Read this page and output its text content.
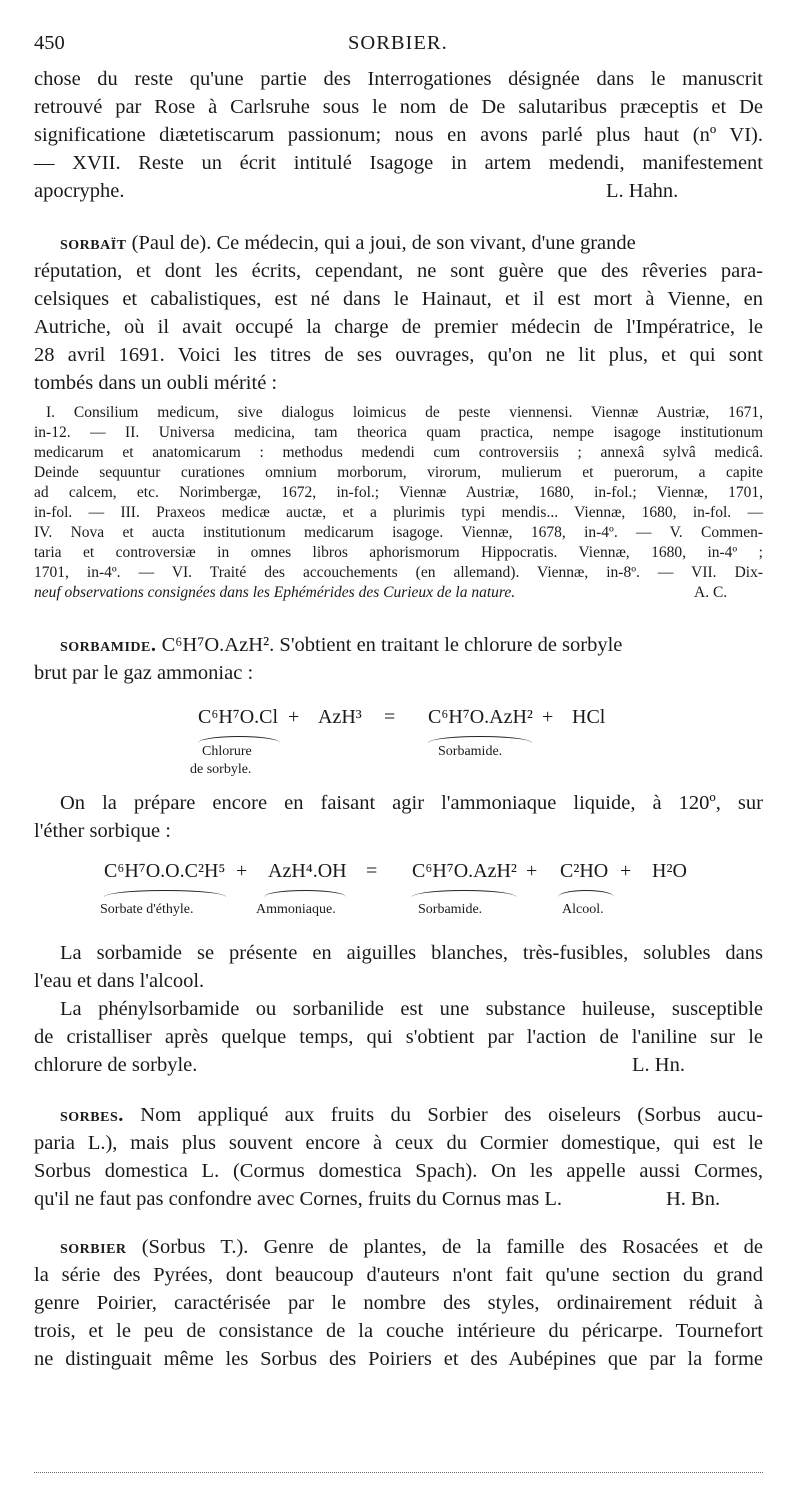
450	SORBIER.
chose du reste qu'une partie des Interrogationes désignée dans le manuscrit
retrouvé par Rose à Carlsruhe sous le nom de De salutaribus præceptis et De
significatione diætetiscarum passionum; nous en avons parlé plus haut (nº VI).
— XVII. Reste un écrit intitulé Isagoge in artem medendi, manifestement
apocryphe.	L. Hahn.
sorbaït (Paul de). Ce médecin, qui a joui, de son vivant, d'une grande
réputation, et dont les écrits, cependant, ne sont guère que des rêveries para-
celsiques et cabalistiques, est né dans le Hainaut, et il est mort à Vienne, en
Autriche, où il avait occupé la charge de premier médecin de l'Impératrice, le
28 avril 1691. Voici les titres de ses ouvrages, qu'on ne lit plus, et qui sont
tombés dans un oubli mérité :
I. Consilium medicum, sive dialogus loimicus de peste viennensi. Viennæ Austriæ, 1671,
in-12. — II. Universa medicina, tam theorica quam practica, nempe isagoge institutionum
medicarum et anatomicarum : methodus medendi cum controversiis ; annexâ sylvâ medicâ.
Deinde sequuntur curationes omnium morborum, virorum, mulierum et puerorum, a capite
ad calcem, etc. Norimbergæ, 1672, in-fol.; Viennæ Austriæ, 1680, in-fol.; Viennæ, 1701,
in-fol. — III. Praxeos medicæ auctæ, et a plurimis typi mendis... Viennæ, 1680, in-fol. —
IV. Nova et aucta institutionum medicarum isagoge. Viennæ, 1678, in-4º. — V. Commen-
taria et controversiæ in omnes libros aphorismorum Hippocratis. Viennæ, 1680, in-4º ;
1701, in-4º. — VI. Traité des accouchements (en allemand). Viennæ, in-8º. — VII. Dix-
neuf observations consignées dans les Ephémérides des Curieux de la nature.	A. C.
sorbamide. C⁶H⁷O.AzH². S'obtient en traitant le chlorure de sorbyle
brut par le gaz ammoniac :
C⁶H⁷O.Cl + AzH³ = C⁶H⁷O.AzH² + HCl
Chlorure
de sorbyle.
Sorbamide.
On la prépare encore en faisant agir l'ammoniaque liquide, à 120º, sur
l'éther sorbique :
C⁶H⁷O.O.C²H⁵ + AzH⁴.OH = C⁶H⁷O.AzH² + C²HO + H²O
Sorbate d'éthyle.	Ammoniaque.	Sorbamide.	Alcool.
La sorbamide se présente en aiguilles blanches, très-fusibles, solubles dans
l'eau et dans l'alcool.
La phénylsorbamide ou sorbanilide est une substance huileuse, susceptible
de cristalliser après quelque temps, qui s'obtient par l'action de l'aniline sur le
chlorure de sorbyle.	L. Hn.
sorbes. Nom appliqué aux fruits du Sorbier des oiseleurs (Sorbus aucu-
paria L.), mais plus souvent encore à ceux du Cormier domestique, qui est le
Sorbus domestica L. (Cormus domestica Spach). On les appelle aussi Cormes,
qu'il ne faut pas confondre avec Cornes, fruits du Cornus mas L.	H. Bn.
sorbier (Sorbus T.). Genre de plantes, de la famille des Rosacées et de
la série des Pyrées, dont beaucoup d'auteurs n'ont fait qu'une section du grand
genre Poirier, caractérisée par le nombre des styles, ordinairement réduit à
trois, et le peu de consistance de la couche intérieure du péricarpe. Tournefort
ne distinguait même les Sorbus des Poiriers et des Aubépines que par la forme
